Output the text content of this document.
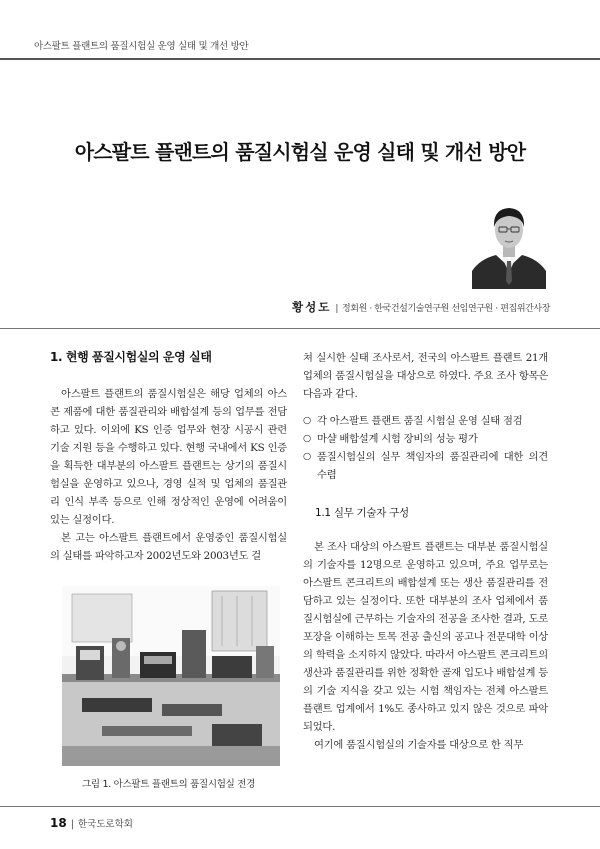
아스팔트 플랜트의 품질시험실 운영 실태 및 개선 방안
아스팔트 플랜트의 품질시험실 운영 실태 및 개선 방안
황성도 | 정회원 · 한국건설기술연구원 선임연구원 · 편집위간사장
1. 현행 품질시험실의 운영 실태

아스팔트 플랜트의 품질시험실은 해당 업체의 아스콘 제품에 대한 품질관리와 배합설계 등의 업무를 전담하고 있다. 이외에 KS 인증 업무와 현장 시공시 관련 기술 지원 등을 수행하고 있다. 현행 국내에서 KS 인증을 획득한 대부분의 아스팔트 플랜트는 상기의 품질시험실을 운영하고 있으나, 경영 실적 및 업체의 품질관리 인식 부족 등으로 인해 정상적인 운영에 어려움이 있는 실정이다.

본 고는 아스팔트 플랜트에서 운영중인 품질시험실의 실태를 파악하고자 2002년도와 2003년도 걸

그림 1. 아스팔트 플랜트의 품질시험실 전경

쳐 실시한 실태 조사로서, 전국의 아스팔트 플랜트 21개 업체의 품질시험실을 대상으로 하였다. 주요 조사 항목은 다음과 같다.

○ 각 아스팔트 플랜트 품질 시험실 운영 실태 점검
○ 마샬 배합설계 시험 장비의 성능 평가
○ 품질시험실의 실무 책임자의 품질관리에 대한 의견 수렴
1.1 실무 기술자 구성

본 조사 대상의 아스팔트 플랜트는 대부분 품질시험실의 기술자를 12명으로 운영하고 있으며, 주요 업무로는 아스팔트 콘크리트의 배합설계 또는 생산 품질관리를 전담하고 있는 실정이다. 또한 대부분의 조사 업체에서 품질시험실에 근무하는 기술자의 전공을 조사한 결과, 도로 포장을 이해하는 토목 전공 출신의 공고나 전문대학 이상의 학력을 소지하지 않았다. 따라서 아스팔트 콘크리트의 생산과 품질관리를 위한 정확한 골재 입도나 배합설계 등의 기술 지식을 갖고 있는 시험 책임자는 전체 아스팔트 플랜트 업계에서 1%도 종사하고 있지 않은 것으로 파악되었다.

여기에 품질시험실의 기술자를 대상으로 한 직무

18 | 한국도로학회
